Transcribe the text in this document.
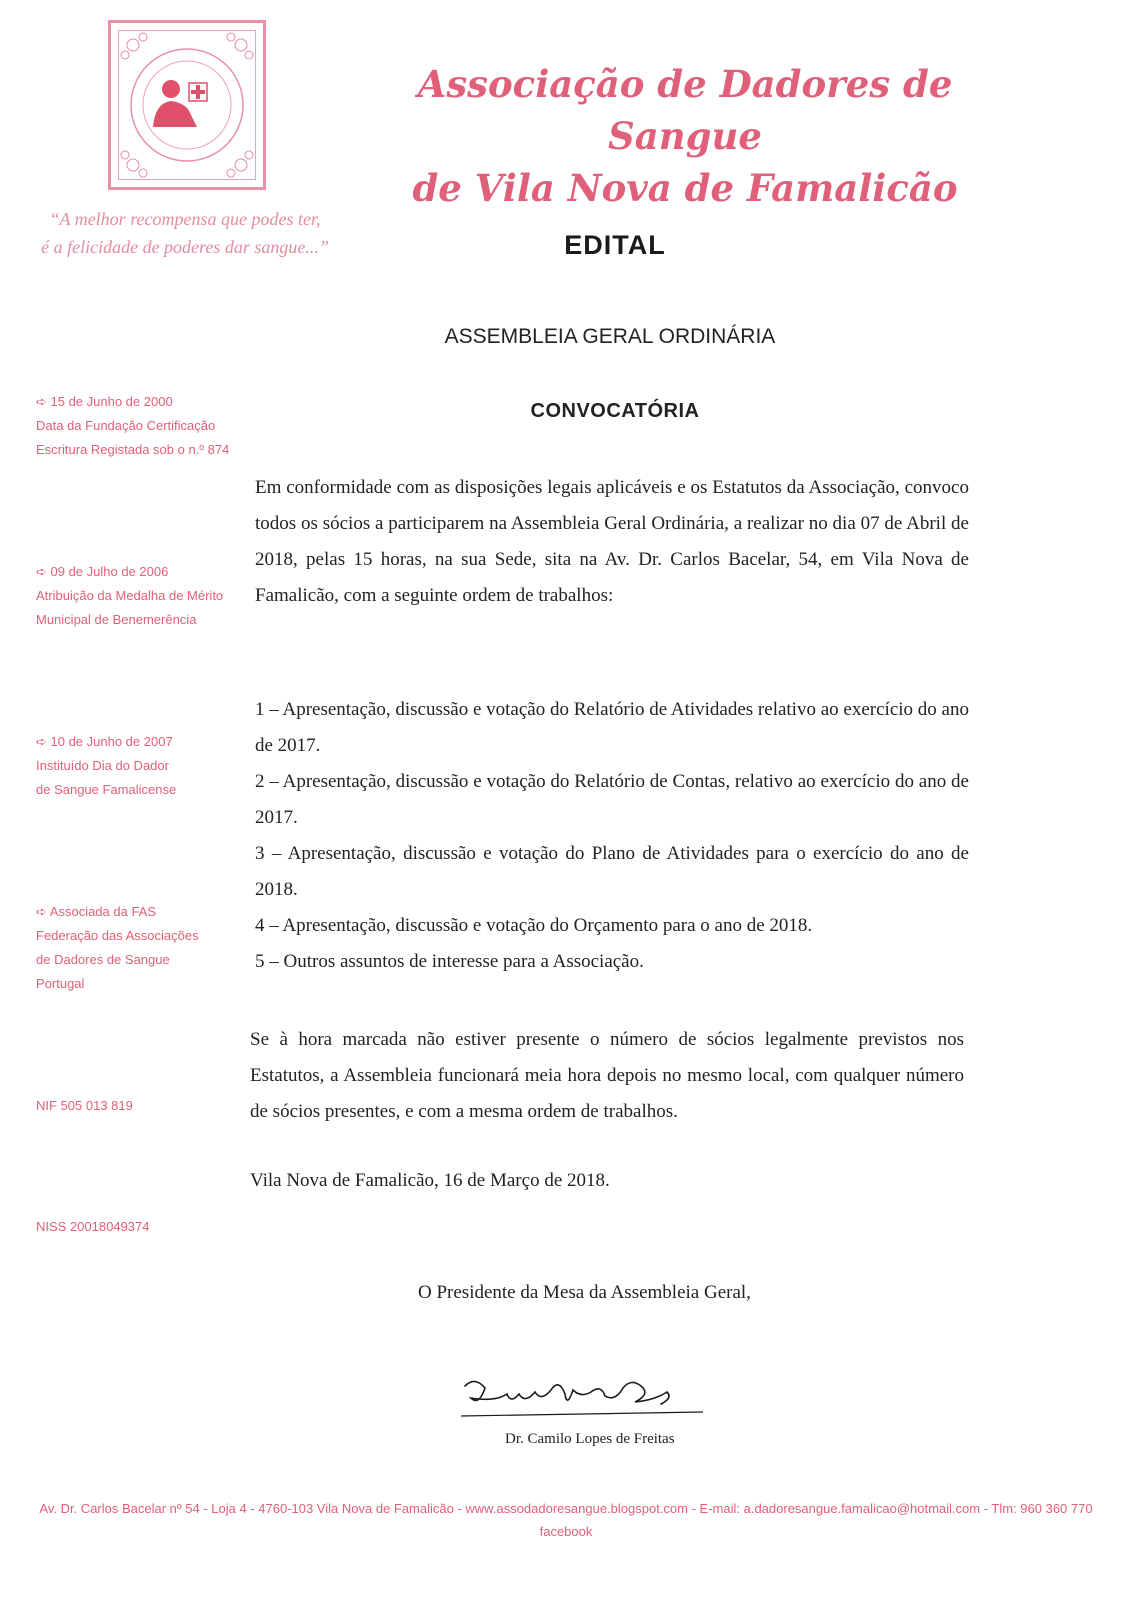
Associação de Dadores de Sangue
de Vila Nova de Famalicão
“A melhor recompensa que podes ter,
é a felicidade de poderes dar sangue...”	EDITAL
ASSEMBLEIA GERAL ORDINÁRIA
CONVOCATÓRIA
➪ 15 de Junho de 2000
Data da Fundação Certificação
Escritura Registada sob o n.º 874
➪ 09 de Julho de 2006
Atribuição da Medalha de Mérito
Municipal de Benemerência
➪ 10 de Junho de 2007
Instituído Dia do Dador
de Sangue Famalicense
➪ Associada da FAS
Federação das Associações
de Dadores de Sangue
Portugal
NIF 505 013 819
NISS 20018049374
Em conformidade com as disposições legais aplicáveis e os Estatutos da Associação, convoco todos os sócios a participarem na Assembleia Geral Ordinária, a realizar no dia 07 de Abril de 2018, pelas 15 horas, na sua Sede, sita na Av. Dr. Carlos Bacelar, 54, em Vila Nova de Famalicão, com a seguinte ordem de trabalhos:
1 – Apresentação, discussão e votação do Relatório de Atividades relativo ao exercício do ano de 2017.
2 – Apresentação, discussão e votação do Relatório de Contas, relativo ao exercício do ano de 2017.
3 – Apresentação, discussão e votação do Plano de Atividades para o exercício do ano de 2018.
4 – Apresentação, discussão e votação do Orçamento para o ano de 2018.
5 – Outros assuntos de interesse para a Associação.
Se à hora marcada não estiver presente o número de sócios legalmente previstos nos Estatutos, a Assembleia funcionará meia hora depois no mesmo local, com qualquer número de sócios presentes, e com a mesma ordem de trabalhos.
Vila Nova de Famalicão, 16 de Março de 2018.
O Presidente da Mesa da Assembleia Geral,
Dr. Camilo Lopes de Freitas
Av. Dr. Carlos Bacelar nº 54 - Loja 4 - 4760-103 Vila Nova de Famalicão - www.assodadoresangue.blogspot.com - E-mail: a.dadoresangue.famalicao@hotmail.com - Tlm: 960 360 770
facebook
